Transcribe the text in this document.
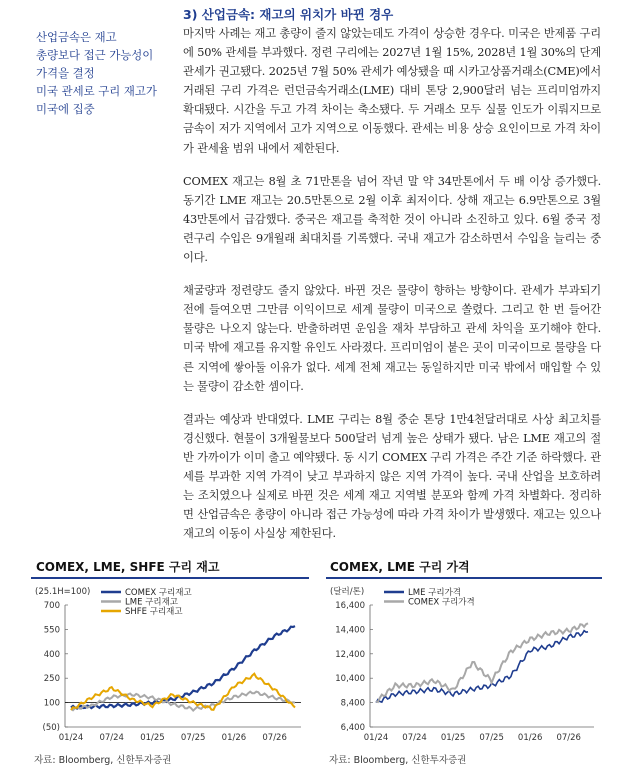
산업금속은 재고
총량보다 접근 가능성이
가격을 결정
미국 관세로 구리 재고가
미국에 집중
3) 산업금속: 재고의 위치가 바뀐 경우

마지막 사례는 재고 총량이 줄지 않았는데도 가격이 상승한 경우다. 미국은 반제품 구리에 50% 관세를 부과했다. 정련 구리에는 2027년 1월 15%, 2028년 1월 30%의 단계 관세가 권고됐다. 2025년 7월 50% 관세가 예상됐을 때 시카고상품거래소(CME)에서 거래된 구리 가격은 런던금속거래소(LME) 대비 톤당 2,900달러 넘는 프리미엄까지 확대됐다. 시간을 두고 가격 차이는 축소됐다. 두 거래소 모두 실물 인도가 이뤄지므로 금속이 저가 지역에서 고가 지역으로 이동했다. 관세는 비용 상승 요인이므로 가격 차이가 관세율 범위 내에서 제한된다.

COMEX 재고는 8월 초 71만톤을 넘어 작년 말 약 34만톤에서 두 배 이상 증가했다. 동기간 LME 재고는 20.5만톤으로 2월 이후 최저이다. 상해 재고는 6.9만톤으로 3월 43만톤에서 급감했다. 중국은 재고를 축적한 것이 아니라 소진하고 있다. 6월 중국 정련구리 수입은 9개월래 최대치를 기록했다. 국내 재고가 감소하면서 수입을 늘리는 중이다.

채굴량과 정련량도 줄지 않았다. 바뀐 것은 물량이 향하는 방향이다. 관세가 부과되기 전에 들여오면 그만큼 이익이므로 세계 물량이 미국으로 쏠렸다. 그리고 한 번 들어간 물량은 나오지 않는다. 반출하려면 운임을 재차 부담하고 관세 차익을 포기해야 한다. 미국 밖에 재고를 유지할 유인도 사라졌다. 프리미엄이 붙은 곳이 미국이므로 물량을 다른 지역에 쌓아둘 이유가 없다. 세계 전체 재고는 동일하지만 미국 밖에서 매입할 수 있는 물량이 감소한 셈이다.

결과는 예상과 반대였다. LME 구리는 8월 중순 톤당 1만4천달러대로 사상 최고치를 경신했다. 현물이 3개월물보다 500달러 넘게 높은 상태가 됐다. 남은 LME 재고의 절반 가까이가 이미 출고 예약됐다. 동 시기 COMEX 구리 가격은 주간 기준 하락했다. 관세를 부과한 지역 가격이 낮고 부과하지 않은 지역 가격이 높다. 국내 산업을 보호하려는 조치였으나 실제로 바뀐 것은 세계 재고 지역별 분포와 함께 가격 차별화다. 정리하면 산업금속은 총량이 아니라 접근 가능성에 따라 가격 차이가 발생했다. 재고는 있으나 재고의 이동이 사실상 제한된다.

COMEX, LME, SHFE 구리 재고
(25.1H=100)
700
550
400
250
100
(50)
01/24 07/24 01/25 07/25 01/26 07/26
COMEX 구리재고
LME 구리재고
SHFE 구리재고
자료: Bloomberg, 신한투자증권
COMEX, LME 구리 가격
(달러/톤)
16,400
14,400
12,400
10,400
8,400
6,400
01/24 07/24 01/25 07/25 01/26 07/26
LME 구리가격
COMEX 구리가격
자료: Bloomberg, 신한투자증권
